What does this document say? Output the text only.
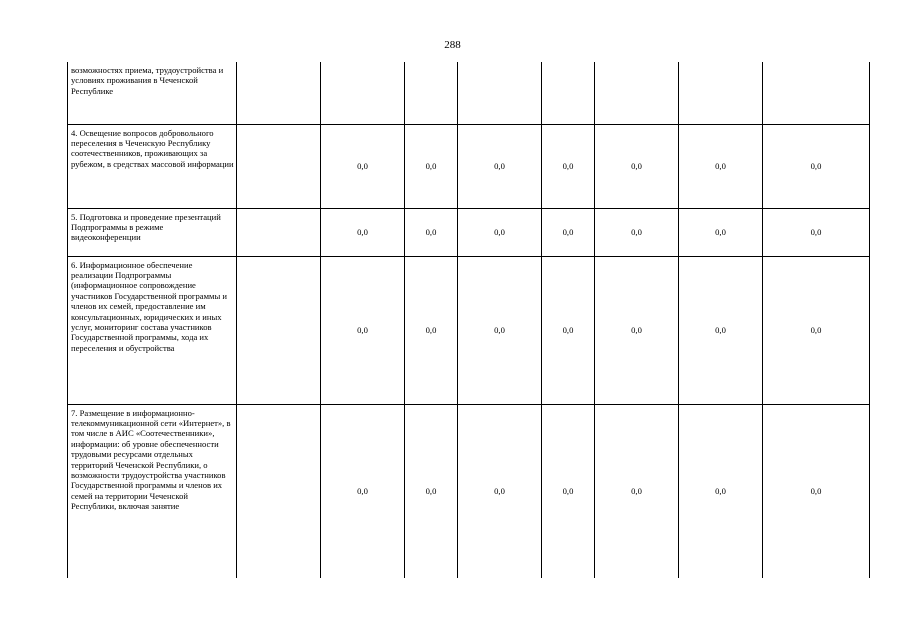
288
возможностях приема, трудоустройства и условиях проживания в Чеченской Республике								
4. Освещение вопросов добровольного переселения в Чеченскую Республику соотечественников, проживающих за рубежом, в средствах массовой информации		0,0	0,0	0,0	0,0	0,0	0,0	0,0
5. Подготовка и проведение презентаций Подпрограммы в режиме видеоконференции		0,0	0,0	0,0	0,0	0,0	0,0	0,0
6. Информационное обеспечение реализации Подпрограммы (информационное сопровождение участников Государственной программы и членов их семей, предоставление им консультационных, юридических и иных услуг, мониторинг состава участников Государственной программы, хода их переселения и обустройства		0,0	0,0	0,0	0,0	0,0	0,0	0,0
7. Размещение в информационно-телекоммуникационной сети «Интернет», в том числе в АИС «Соотечественники», информации: об уровне обеспеченности трудовыми ресурсами отдельных территорий Чеченской Республики, о возможности трудоустройства участников Государственной программы и членов их семей на территории Чеченской Республики, включая занятие		0,0	0,0	0,0	0,0	0,0	0,0	0,0
